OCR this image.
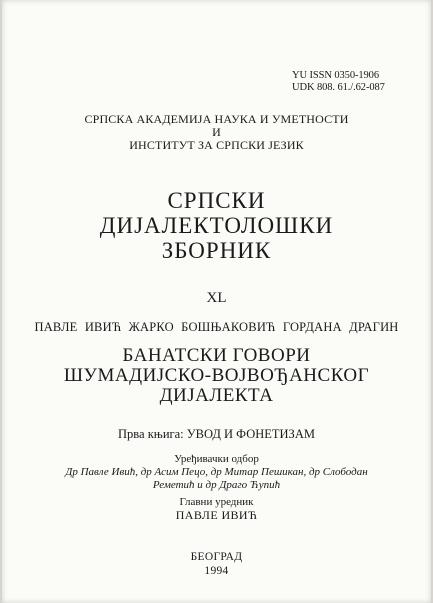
YU ISSN 0350-1906
UDK 808. 61./.62-087
СРПСКА АКАДЕМИЈА НАУКА И УМЕТНОСТИ
И
ИНСТИТУТ ЗА СРПСКИ ЈЕЗИК
СРПСКИ
ДИЈАЛЕКТОЛОШКИ
ЗБОРНИК
XL
ПАВЛЕ ИВИЋ ЖАРКО БОШЊАКОВИЋ ГОРДАНА ДРАГИН
БАНАТСКИ ГОВОРИ
ШУМАДИЈСКО-ВОЈВОЂАНСКОГ
ДИЈАЛЕКТА
Прва књига: УВОД И ФОНЕТИЗАМ
Уређивачки одбор
Др Павле Ивић, др Асим Пецо, др Митар Пешикан, др Слободан
Реметић и др Драго Ћупић
Главни уредник
ПАВЛЕ ИВИЋ
БЕОГРАД
1994
